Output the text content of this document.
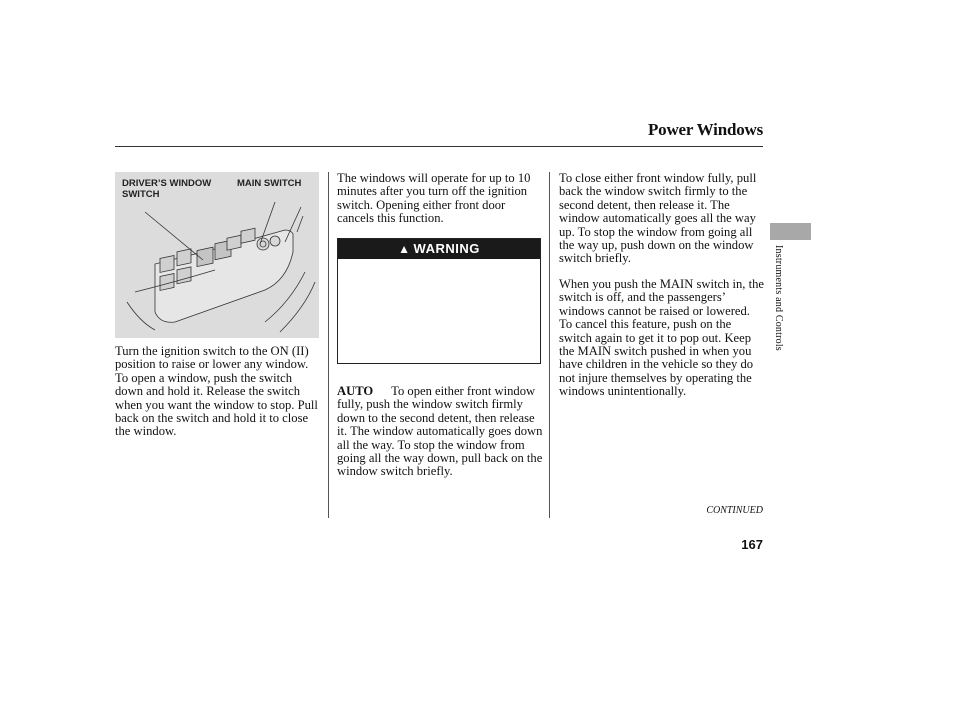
Power Windows
DRIVER’S WINDOW
SWITCH
MAIN SWITCH
Turn the ignition switch to the ON (II) position to raise or lower any window. To open a window, push the switch down and hold it. Release the switch when you want the window to stop. Pull back on the switch and hold it to close the window.
The windows will operate for up to 10 minutes after you turn off the ignition switch. Opening either front door cancels this function.
▲ WARNING
AUTO To open either front window fully, push the window switch firmly down to the second detent, then release it. The window automatically goes down all the way. To stop the window from going all the way down, pull back on the window switch briefly.
To close either front window fully, pull back the window switch firmly to the second detent, then release it. The window automatically goes all the way up. To stop the window from going all the way up, push down on the window switch briefly.
When you push the MAIN switch in, the switch is off, and the passengers’ windows cannot be raised or lowered. To cancel this feature, push on the switch again to get it to pop out. Keep the MAIN switch pushed in when you have children in the vehicle so they do not injure themselves by operating the windows unintentionally.
Instruments and Controls
CONTINUED
167
